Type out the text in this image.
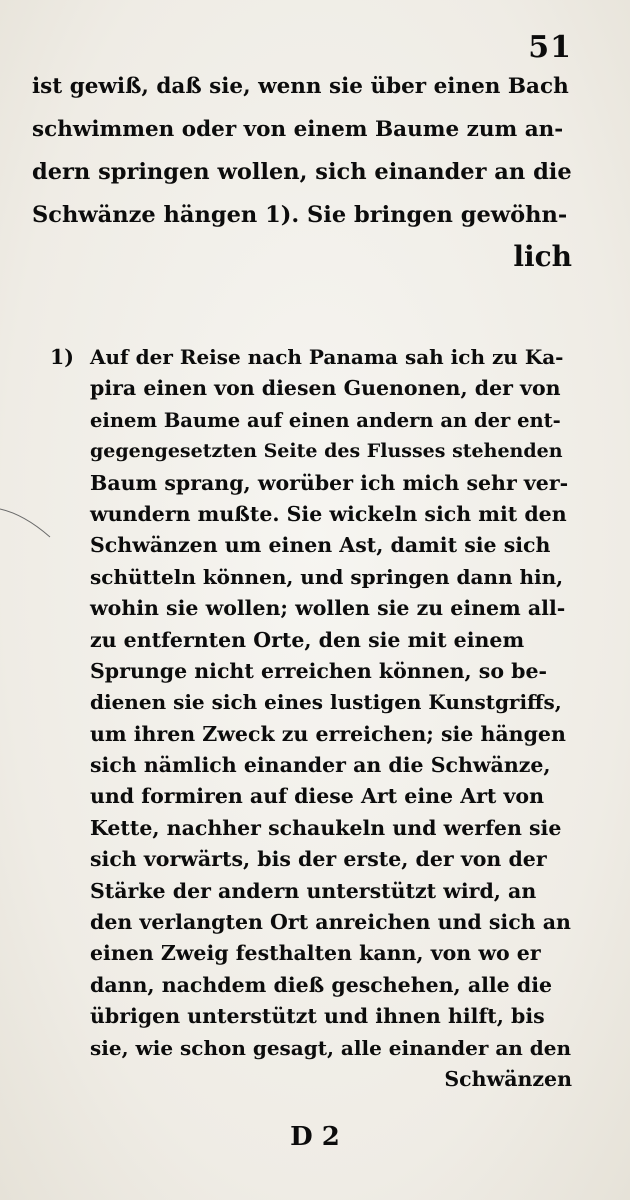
51
ist gewiß, daß sie, wenn sie über einen Bach
schwimmen oder von einem Baume zum an-
dern springen wollen, sich einander an die
Schwänze hängen 1). Sie bringen gewöhn-
lich
1) Auf der Reise nach Panama sah ich zu Ka-
pira einen von diesen Guenonen, der von
einem Baume auf einen andern an der ent-
gegengesetzten Seite des Flusses stehenden
Baum sprang, worüber ich mich sehr ver-
wundern mußte. Sie wickeln sich mit den
Schwänzen um einen Ast, damit sie sich
schütteln können, und springen dann hin,
wohin sie wollen; wollen sie zu einem all-
zu entfernten Orte, den sie mit einem
Sprunge nicht erreichen können, so be-
dienen sie sich eines lustigen Kunstgriffs,
um ihren Zweck zu erreichen; sie hängen
sich nämlich einander an die Schwänze,
und formiren auf diese Art eine Art von
Kette, nachher schaukeln und werfen sie
sich vorwärts, bis der erste, der von der
Stärke der andern unterstützt wird, an
den verlangten Ort anreichen und sich an
einen Zweig festhalten kann, von wo er
dann, nachdem dieß geschehen, alle die
übrigen unterstützt und ihnen hilft, bis
sie, wie schon gesagt, alle einander an den
Schwänzen
D 2
